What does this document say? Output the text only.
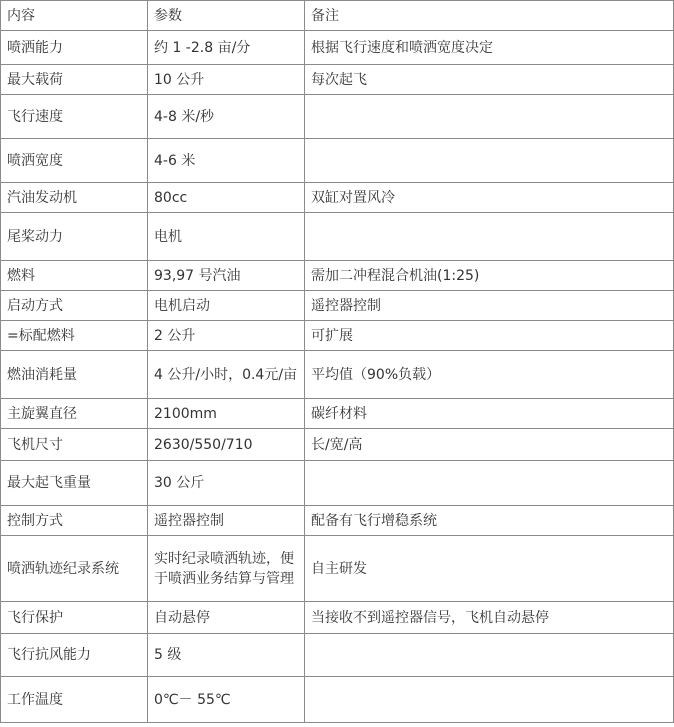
内容	参数	备注
喷洒能力	约 1 -2.8 亩/分	根据飞行速度和喷洒宽度决定
最大载荷	10 公升	每次起飞
飞行速度	4-8 米/秒	
喷洒宽度	4-6 米	
汽油发动机	80cc	双缸对置风冷
尾桨动力	电机	
燃料	93,97 号汽油	需加二冲程混合机油(1:25)
启动方式	电机启动	遥控器控制
=标配燃料	2 公升	可扩展
燃油消耗量	4 公升/小时，0.4元/亩	平均值（90%负载）
主旋翼直径	2100mm	碳纤材料
飞机尺寸	2630/550/710	长/宽/高
最大起飞重量	30 公斤	
控制方式	遥控器控制	配备有飞行增稳系统
喷洒轨迹纪录系统	实时纪录喷洒轨迹，便于喷洒业务结算与管理	自主研发
飞行保护	自动悬停	当接收不到遥控器信号，飞机自动悬停
飞行抗风能力	5 级	
工作温度	0℃－ 55℃	
